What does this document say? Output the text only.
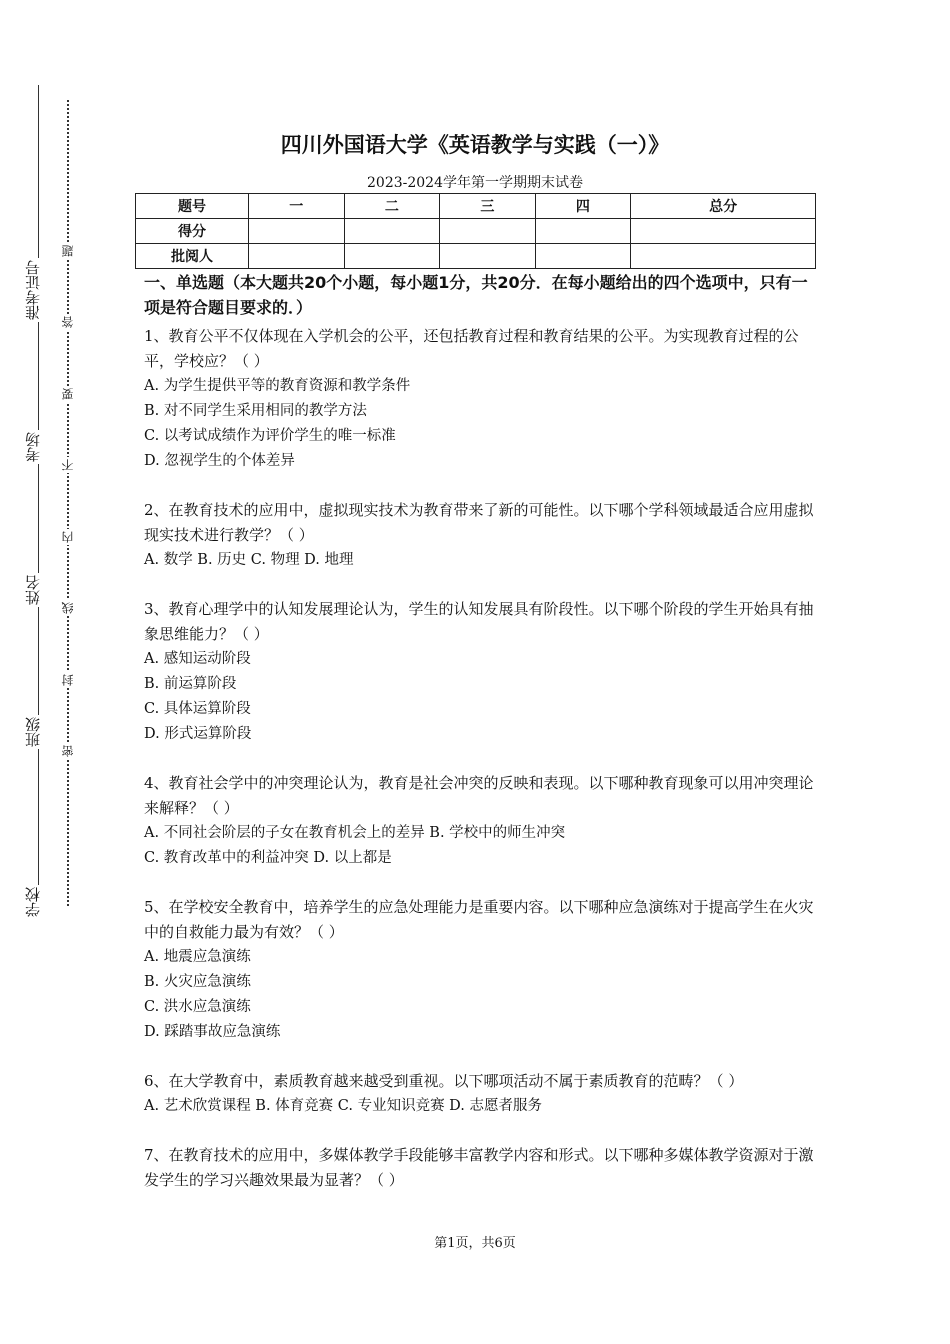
准考证号
考场
姓名
班级
学校
题
答
要
不
内
线
封
密
四川外国语大学《英语教学与实践（一）》
2023-2024学年第一学期期末试卷
题号	一	二	三	四	总分
得分					
批阅人					

一、单选题（本大题共20个小题，每小题1分，共20分．在每小题给出的四个选项中，只有一项是符合题目要求的．）

1、教育公平不仅体现在入学机会的公平，还包括教育过程和教育结果的公平。为实现教育过程的公平，学校应？（ ）

A. 为学生提供平等的教育资源和教学条件

B. 对不同学生采用相同的教学方法

C. 以考试成绩作为评价学生的唯一标准

D. 忽视学生的个体差异

2、在教育技术的应用中，虚拟现实技术为教育带来了新的可能性。以下哪个学科领域最适合应用虚拟现实技术进行教学？（ ）

A. 数学 B. 历史 C. 物理 D. 地理

3、教育心理学中的认知发展理论认为，学生的认知发展具有阶段性。以下哪个阶段的学生开始具有抽象思维能力？（ ）

A. 感知运动阶段

B. 前运算阶段

C. 具体运算阶段

D. 形式运算阶段

4、教育社会学中的冲突理论认为，教育是社会冲突的反映和表现。以下哪种教育现象可以用冲突理论来解释？（ ）

A. 不同社会阶层的子女在教育机会上的差异 B. 学校中的师生冲突

C. 教育改革中的利益冲突 D. 以上都是

5、在学校安全教育中，培养学生的应急处理能力是重要内容。以下哪种应急演练对于提高学生在火灾中的自救能力最为有效？（ ）

A. 地震应急演练

B. 火灾应急演练

C. 洪水应急演练

D. 踩踏事故应急演练

6、在大学教育中，素质教育越来越受到重视。以下哪项活动不属于素质教育的范畴？（ ）

A. 艺术欣赏课程 B. 体育竞赛 C. 专业知识竞赛 D. 志愿者服务

7、在教育技术的应用中，多媒体教学手段能够丰富教学内容和形式。以下哪种多媒体教学资源对于激发学生的学习兴趣效果最为显著？（ ）

第1页，共6页
